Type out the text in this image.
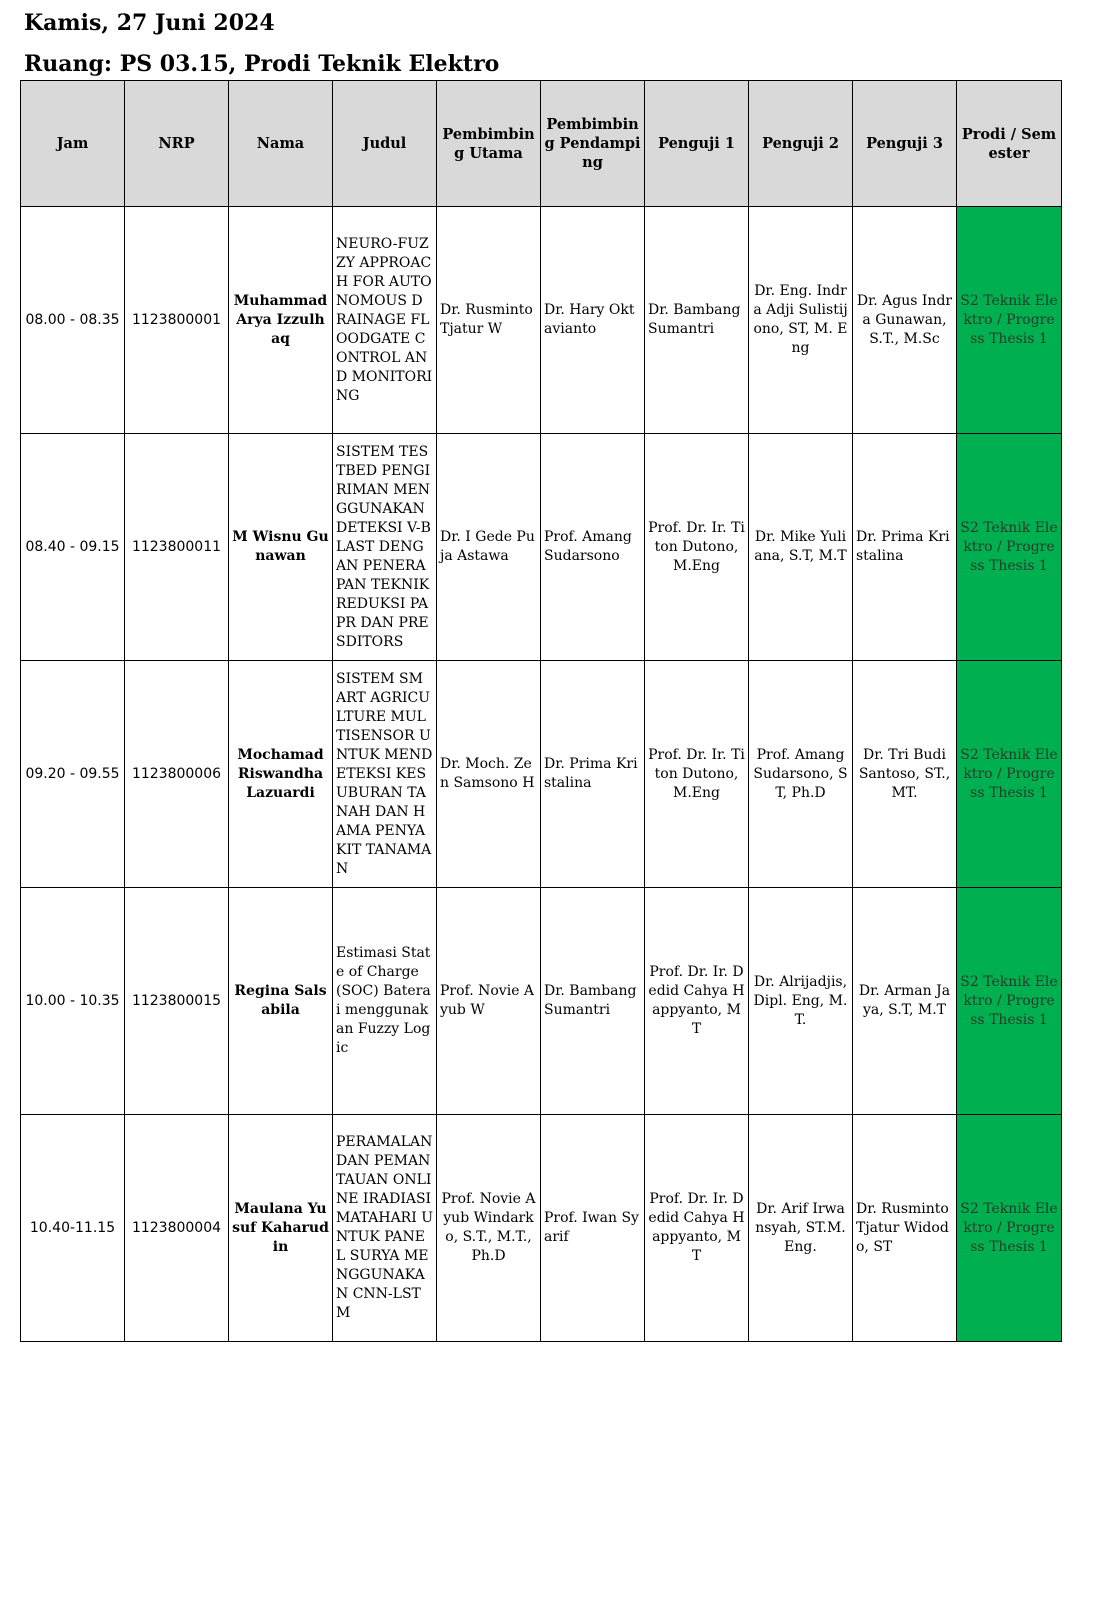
Kamis, 27 Juni 2024
Ruang: PS 03.15, Prodi Teknik Elektro
Jam	NRP	Nama	Judul	Pembimbing Utama	Pembimbing Pendamping	Penguji 1	Penguji 2	Penguji 3	Prodi / Semester
08.00 - 08.35	1123800001	Muhammad Arya Izzulhaq	NEURO-FUZZY APPROACH FOR AUTONOMOUS DRAINAGE FLOODGATE CONTROL AND MONITORING	Dr. Rusminto Tjatur W	Dr. Hary Oktavianto	Dr. Bambang Sumantri	Dr. Eng. Indra Adji Sulistijono, ST, M. Eng	Dr. Agus Indra Gunawan, S.T., M.Sc	S2 Teknik Elektro / Progress Thesis 1
08.40 - 09.15	1123800011	M Wisnu Gunawan	SISTEM TESTBED PENGIRIMAN MENGGUNAKAN DETEKSI V-BLAST DENGAN PENERAPAN TEKNIK REDUKSI PAPR DAN PRESDITORS	Dr. I Gede Puja Astawa	Prof. Amang Sudarsono	Prof. Dr. Ir. Titon Dutono, M.Eng	Dr. Mike Yuliana, S.T, M.T	Dr. Prima Kristalina	S2 Teknik Elektro / Progress Thesis 1
09.20 - 09.55	1123800006	Mochamad Riswandha Lazuardi	SISTEM SMART AGRICULTURE MULTISENSOR UNTUK MENDETEKSI KESUBURAN TANAH DAN HAMA PENYAKIT TANAMAN	Dr. Moch. Zen Samsono H	Dr. Prima Kristalina	Prof. Dr. Ir. Titon Dutono, M.Eng	Prof. Amang Sudarsono, ST, Ph.D	Dr. Tri Budi Santoso, ST., MT.	S2 Teknik Elektro / Progress Thesis 1
10.00 - 10.35	1123800015	Regina Salsabila	Estimasi State of Charge (SOC) Baterai menggunakan Fuzzy Logic	Prof. Novie Ayub W	Dr. Bambang Sumantri	Prof. Dr. Ir. Dedid Cahya Happyanto, MT	Dr. Alrijadjis, Dipl. Eng, M.T.	Dr. Arman Jaya, S.T, M.T	S2 Teknik Elektro / Progress Thesis 1
10.40-11.15	1123800004	Maulana Yusuf Kaharudin	PERAMALAN DAN PEMANTAUAN ONLINE IRADIASI MATAHARI UNTUK PANEL SURYA MENGGUNAKAN CNN-LSTM	Prof. Novie Ayub Windarko, S.T., M.T., Ph.D	Prof. Iwan Syarif	Prof. Dr. Ir. Dedid Cahya Happyanto, MT	Dr. Arif Irwansyah, ST.M.Eng.	Dr. Rusminto Tjatur Widodo, ST	S2 Teknik Elektro / Progress Thesis 1
